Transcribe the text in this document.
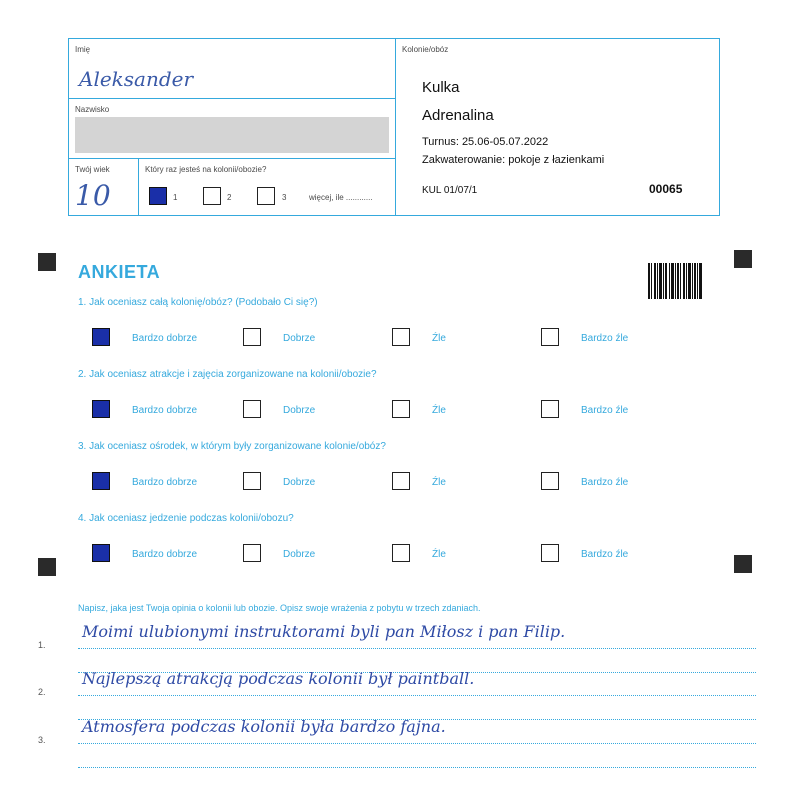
Imię
Aleksander
Nazwisko
Twój wiek
10
Który raz jesteś na kolonii/obozie?
1	2	3	więcej, ile ............
Kolonie/obóz
Kulka
Adrenalina
Turnus: 25.06-05.07.2022
Zakwaterowanie: pokoje z łazienkami
KUL 01/07/1	00065
ANKIETA
1. Jak oceniasz całą kolonię/obóz? (Podobało Ci się?)
Bardzo dobrze	Dobrze	Źle	Bardzo źle
2. Jak oceniasz atrakcje i zajęcia zorganizowane na kolonii/obozie?
Bardzo dobrze	Dobrze	Źle	Bardzo źle
3. Jak oceniasz ośrodek, w którym były zorganizowane kolonie/obóz?
Bardzo dobrze	Dobrze	Źle	Bardzo źle
4. Jak oceniasz jedzenie podczas kolonii/obozu?
Bardzo dobrze	Dobrze	Źle	Bardzo źle
Napisz, jaka jest Twoja opinia o kolonii lub obozie. Opisz swoje wrażenia z pobytu w trzech zdaniach.
1.
Moimi ulubionymi instruktorami byli pan Miłosz i pan Filip.
2.
Najlepszą atrakcją podczas kolonii był paintball.
3.
Atmosfera podczas kolonii była bardzo fajna.
